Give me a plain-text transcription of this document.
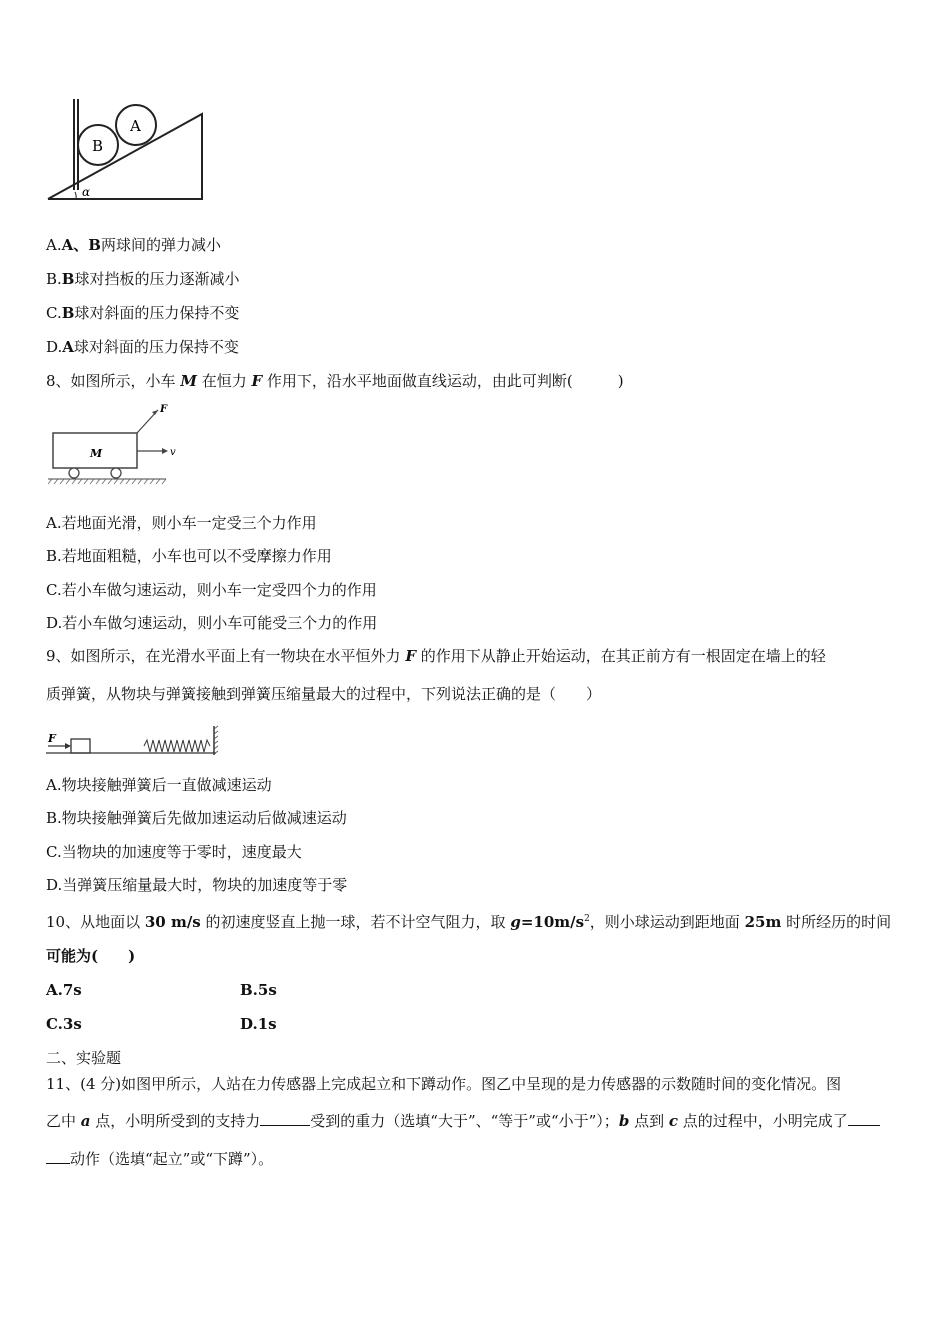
B
A
α
A.A、B两球间的弹力减小
B.B球对挡板的压力逐渐减小
C.B球对斜面的压力保持不变
D.A球对斜面的压力保持不变
8、如图所示，小车 M 在恒力 F 作用下，沿水平地面做直线运动，由此可判断(　　　)
M
F
v
A.若地面光滑，则小车一定受三个力作用
B.若地面粗糙，小车也可以不受摩擦力作用
C.若小车做匀速运动，则小车一定受四个力的作用
D.若小车做匀速运动，则小车可能受三个力的作用
9、如图所示，在光滑水平面上有一物块在水平恒外力 F 的作用下从静止开始运动，在其正前方有一根固定在墙上的轻
质弹簧，从物块与弹簧接触到弹簧压缩量最大的过程中，下列说法正确的是（　　）
F
A.物块接触弹簧后一直做减速运动
B.物块接触弹簧后先做加速运动后做减速运动
C.当物块的加速度等于零时，速度最大
D.当弹簧压缩量最大时，物块的加速度等于零
10、从地面以 30 m/s 的初速度竖直上抛一球，若不计空气阻力，取 $g=10m/s^2$，则小球运动到距地面 25m 时所经历的时间
可能为(　　)
A.7s	B.5s
C.3s	D.1s
二、实验题
11、(4 分)如图甲所示，人站在力传感器上完成起立和下蹲动作。图乙中呈现的是力传感器的示数随时间的变化情况。图
乙中 a 点，小明所受到的支持力	受到的重力（选填“大于”、“等于”或“小于”）；b 点到 c 点的过程中，小明完成了
动作（选填“起立”或“下蹲”）。
